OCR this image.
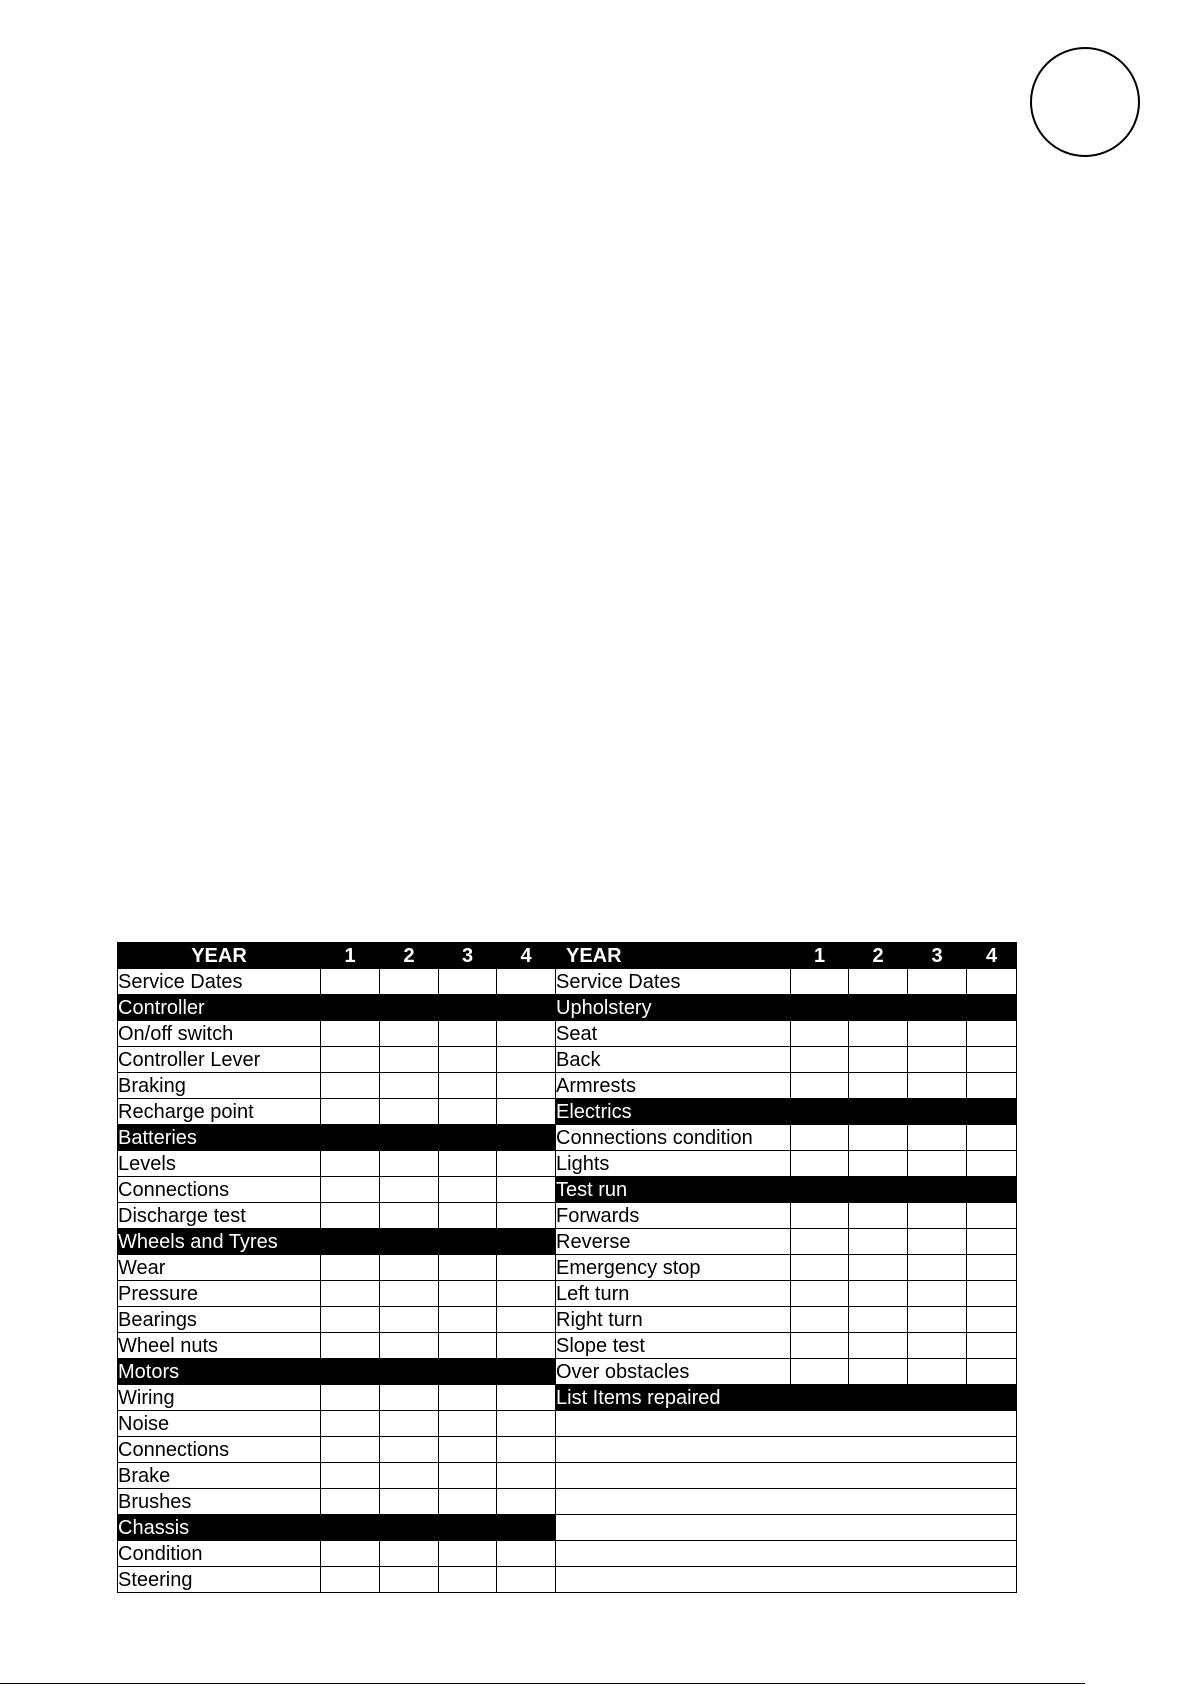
YEAR	1	2	3	4	YEAR	1	2	3	4
Service Dates					Service Dates				
Controller					Upholstery				
On/off switch					Seat				
Controller Lever					Back				
Braking					Armrests				
Recharge point					Electrics				
Batteries					Connections condition				
Levels					Lights				
Connections					Test run				
Discharge test					Forwards				
Wheels and Tyres					Reverse				
Wear					Emergency stop				
Pressure					Left turn				
Bearings					Right turn				
Wheel nuts					Slope test				
Motors					Over obstacles				
Wiring					List Items repaired				
Noise									
Connections									
Brake									
Brushes									
Chassis									
Condition									
Steering									
